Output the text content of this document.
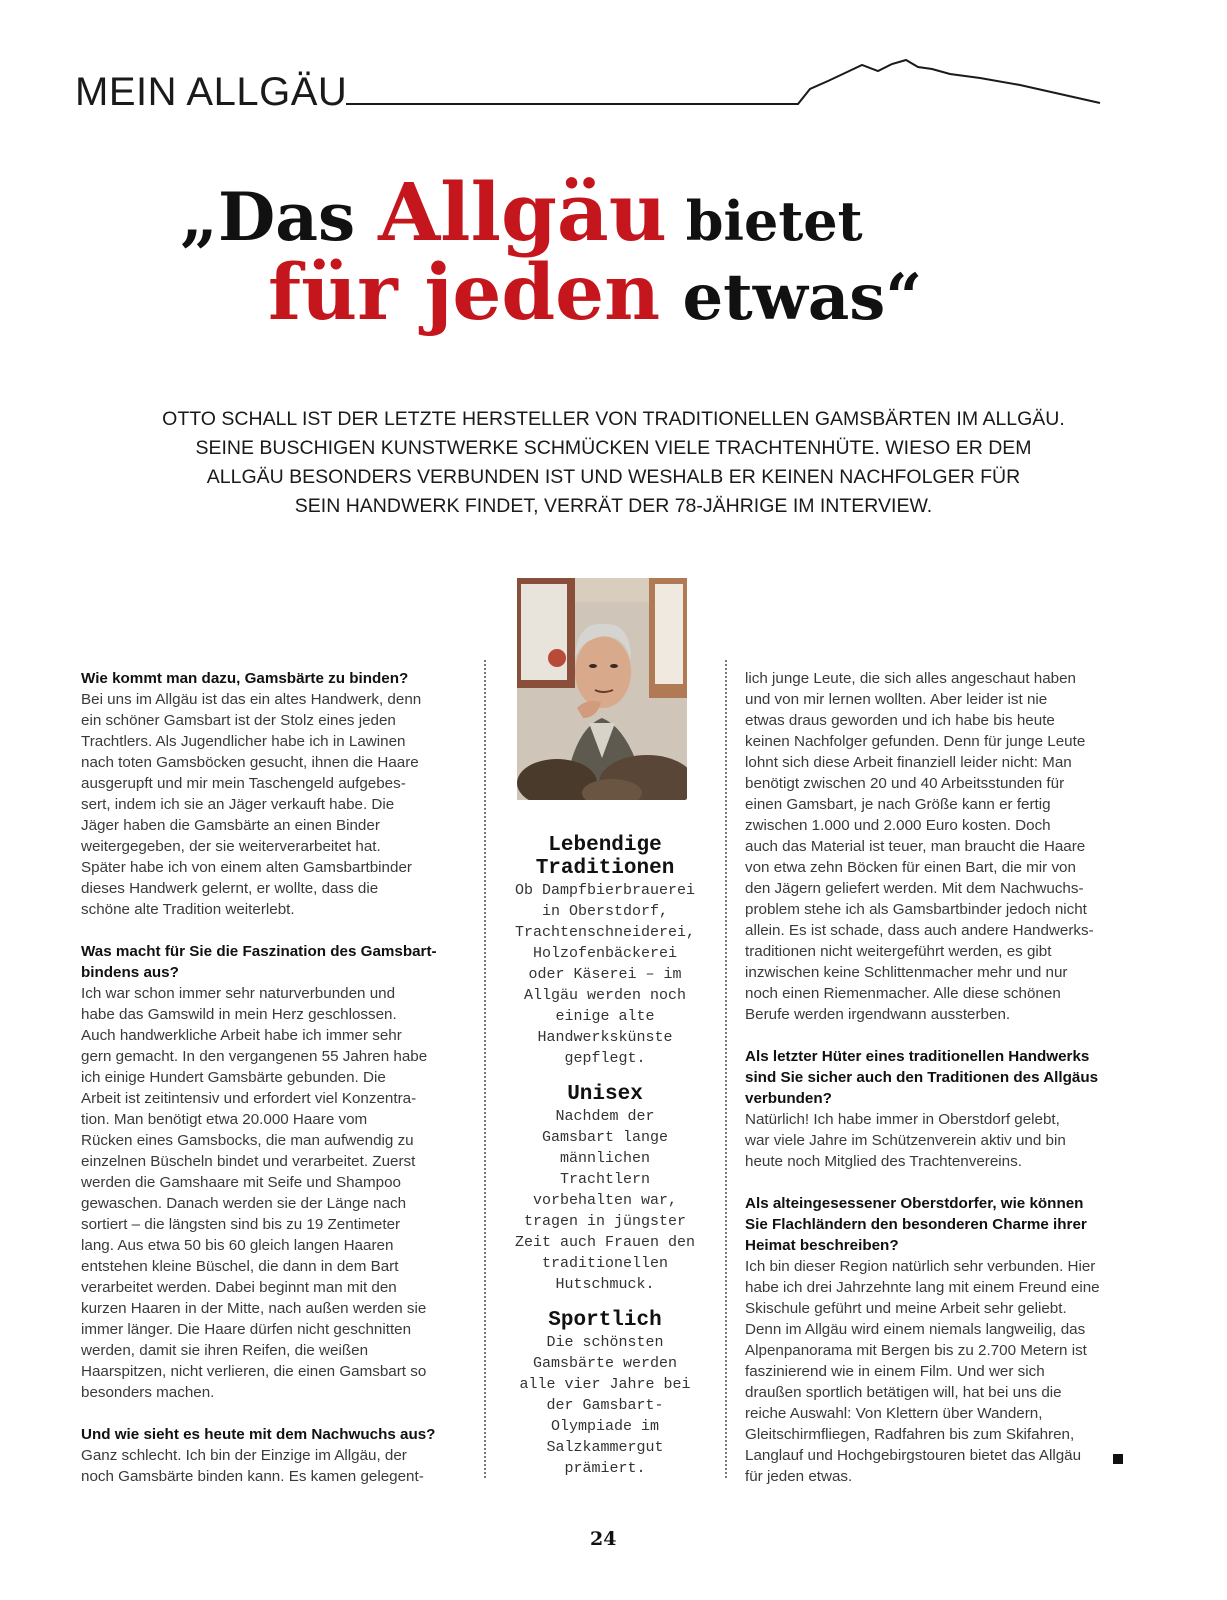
MEIN ALLGÄU
„Das Allgäu bietet
für jeden etwas“

OTTO SCHALL IST DER LETZTE HERSTELLER VON TRADITIONELLEN GAMSBÄRTEN IM ALLGÄU.

SEINE BUSCHIGEN KUNSTWERKE SCHMÜCKEN VIELE TRACHTENHÜTE. WIESO ER DEM

ALLGÄU BESONDERS VERBUNDEN IST UND WESHALB ER KEINEN NACHFOLGER FÜR

SEIN HANDWERK FINDET, VERRÄT DER 78-JÄHRIGE IM INTERVIEW.

Wie kommt man dazu, Gamsbärte zu binden?

Bei uns im Allgäu ist das ein altes Handwerk, denn

ein schöner Gamsbart ist der Stolz eines jeden

Trachtlers. Als Jugendlicher habe ich in Lawinen

nach toten Gamsböcken gesucht, ihnen die Haare

ausgerupft und mir mein Taschengeld aufgebes-

sert, indem ich sie an Jäger verkauft habe. Die

Jäger haben die Gamsbärte an einen Binder

weitergegeben, der sie weiterverarbeitet hat.

Später habe ich von einem alten Gamsbartbinder

dieses Handwerk gelernt, er wollte, dass die

schöne alte Tradition weiterlebt.

Was macht für Sie die Faszination des Gamsbart-

bindens aus?

Ich war schon immer sehr naturverbunden und

habe das Gamswild in mein Herz geschlossen.

Auch handwerkliche Arbeit habe ich immer sehr

gern gemacht. In den vergangenen 55 Jahren habe

ich einige Hundert Gamsbärte gebunden. Die

Arbeit ist zeitintensiv und erfordert viel Konzentra-

tion. Man benötigt etwa 20.000 Haare vom

Rücken eines Gamsbocks, die man aufwendig zu

einzelnen Büscheln bindet und verarbeitet. Zuerst

werden die Gamshaare mit Seife und Shampoo

gewaschen. Danach werden sie der Länge nach

sortiert – die längsten sind bis zu 19 Zentimeter

lang. Aus etwa 50 bis 60 gleich langen Haaren

entstehen kleine Büschel, die dann in dem Bart

verarbeitet werden. Dabei beginnt man mit den

kurzen Haaren in der Mitte, nach außen werden sie

immer länger. Die Haare dürfen nicht geschnitten

werden, damit sie ihren Reifen, die weißen

Haarspitzen, nicht verlieren, die einen Gamsbart so

besonders machen.

Und wie sieht es heute mit dem Nachwuchs aus?

Ganz schlecht. Ich bin der Einzige im Allgäu, der

noch Gamsbärte binden kann. Es kamen gelegent-

Lebendige

Traditionen

Ob Dampfbierbrauerei

in Oberstdorf,

Trachtenschneiderei,

Holzofenbäckerei

oder Käserei – im

Allgäu werden noch

einige alte

Handwerkskünste

gepflegt.

Unisex

Nachdem der

Gamsbart lange

männlichen

Trachtlern

vorbehalten war,

tragen in jüngster

Zeit auch Frauen den

traditionellen

Hutschmuck.

Sportlich

Die schönsten

Gamsbärte werden

alle vier Jahre bei

der Gamsbart-

Olympiade im

Salzkammergut

prämiert.

lich junge Leute, die sich alles angeschaut haben

und von mir lernen wollten. Aber leider ist nie

etwas draus geworden und ich habe bis heute

keinen Nachfolger gefunden. Denn für junge Leute

lohnt sich diese Arbeit finanziell leider nicht: Man

benötigt zwischen 20 und 40 Arbeitsstunden für

einen Gamsbart, je nach Größe kann er fertig

zwischen 1.000 und 2.000 Euro kosten. Doch

auch das Material ist teuer, man braucht die Haare

von etwa zehn Böcken für einen Bart, die mir von

den Jägern geliefert werden. Mit dem Nachwuchs-

problem stehe ich als Gamsbartbinder jedoch nicht

allein. Es ist schade, dass auch andere Handwerks-

traditionen nicht weitergeführt werden, es gibt

inzwischen keine Schlittenmacher mehr und nur

noch einen Riemenmacher. Alle diese schönen

Berufe werden irgendwann aussterben.

Als letzter Hüter eines traditionellen Handwerks

sind Sie sicher auch den Traditionen des Allgäus

verbunden?

Natürlich! Ich habe immer in Oberstdorf gelebt,

war viele Jahre im Schützenverein aktiv und bin

heute noch Mitglied des Trachtenvereins.

Als alteingesessener Oberstdorfer, wie können

Sie Flachländern den besonderen Charme ihrer

Heimat beschreiben?

Ich bin dieser Region natürlich sehr verbunden. Hier

habe ich drei Jahrzehnte lang mit einem Freund eine

Skischule geführt und meine Arbeit sehr geliebt.

Denn im Allgäu wird einem niemals langweilig, das

Alpenpanorama mit Bergen bis zu 2.700 Metern ist

faszinierend wie in einem Film. Und wer sich

draußen sportlich betätigen will, hat bei uns die

reiche Auswahl: Von Klettern über Wandern,

Gleitschirmfliegen, Radfahren bis zum Skifahren,

Langlauf und Hochgebirgstouren bietet das Allgäu

für jeden etwas.

24
